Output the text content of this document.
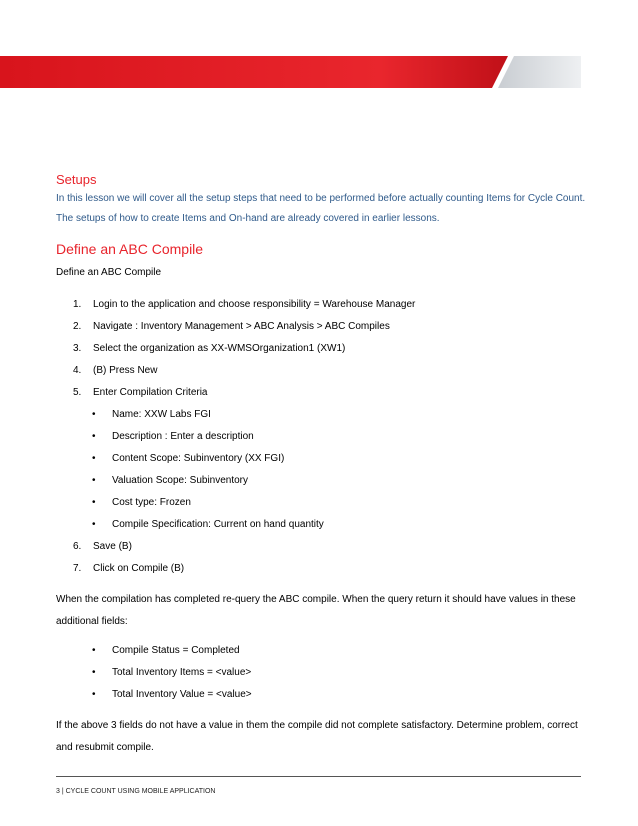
Setups

In this lesson we will cover all the setup steps that need to be performed before actually counting Items for Cycle Count.

The setups of how to create Items and On-hand are already covered in earlier lessons.

Define an ABC Compile

Define an ABC Compile

1. Login to the application and choose responsibility = Warehouse Manager
2. Navigate : Inventory Management > ABC Analysis > ABC Compiles
3. Select the organization as XX-WMSOrganization1 (XW1)
4. (B) Press New
5. Enter Compilation Criteria
• Name: XXW Labs FGI
• Description : Enter a description
• Content Scope: Subinventory (XX FGI)
• Valuation Scope: Subinventory
• Cost type: Frozen
• Compile Specification: Current on hand quantity
6. Save (B)
7. Click on Compile (B)

When the compilation has completed re-query the ABC compile. When the query return it should have values in these

additional fields:

• Compile Status = Completed
• Total Inventory Items = <value>
• Total Inventory Value = <value>

If the above 3 fields do not have a value in them the compile did not complete satisfactory. Determine problem, correct

and resubmit compile.

3 | CYCLE COUNT USING MOBILE APPLICATION
